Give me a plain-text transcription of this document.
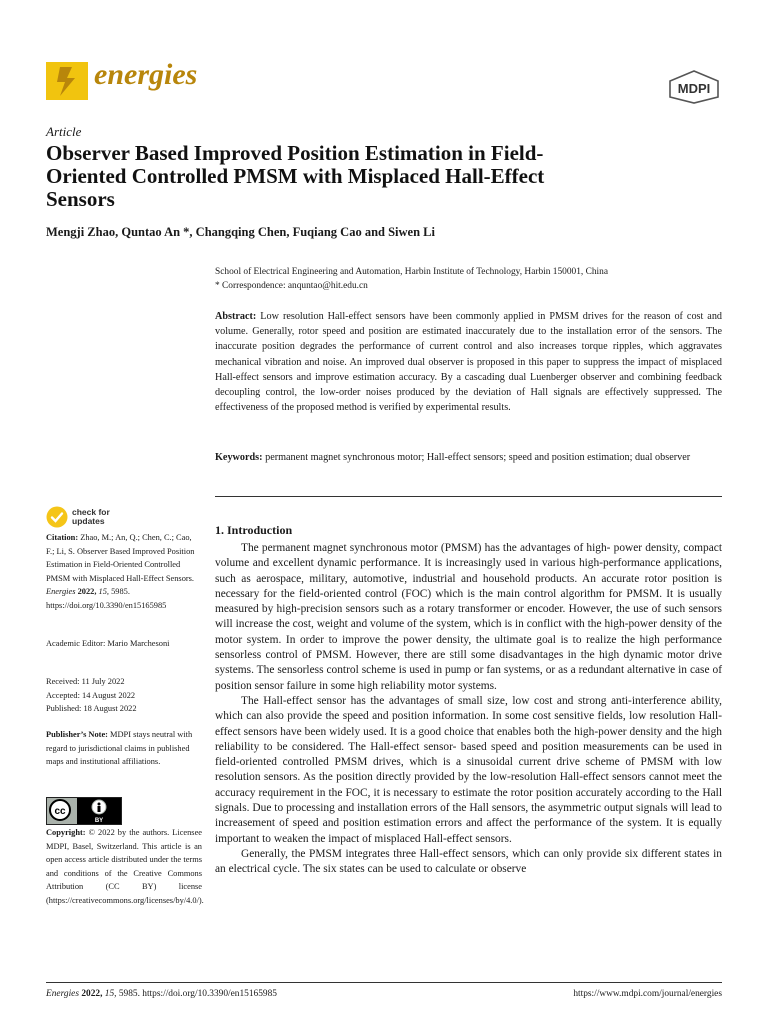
energies	MDPI
Article
Observer Based Improved Position Estimation in Field-Oriented Controlled PMSM with Misplaced Hall-Effect Sensors
Mengji Zhao, Quntao An *, Changqing Chen, Fuqiang Cao and Siwen Li
School of Electrical Engineering and Automation, Harbin Institute of Technology, Harbin 150001, China
* Correspondence: anquntao@hit.edu.cn
Abstract: Low resolution Hall-effect sensors have been commonly applied in PMSM drives for the reason of cost and volume. Generally, rotor speed and position are estimated inaccurately due to the installation error of the sensors. The inaccurate position degrades the performance of current control and also increases torque ripples, which aggravates mechanical vibration and noise. An improved dual observer is proposed in this paper to suppress the impact of misplaced Hall-effect sensors and improve estimation accuracy. By a cascading dual Luenberger observer and combining feedback decoupling control, the low-order noises produced by the deviation of Hall signals are effectively suppressed. The effectiveness of the proposed method is verified by experimental results.
Keywords: permanent magnet synchronous motor; Hall-effect sensors; speed and position estimation; dual observer
check for
updates
Citation: Zhao, M.; An, Q.; Chen, C.; Cao, F.; Li, S. Observer Based Improved Position Estimation in Field-Oriented Controlled PMSM with Misplaced Hall-Effect Sensors. Energies 2022, 15, 5985. https://doi.org/10.3390/en15165985
Academic Editor: Mario Marchesoni
Received: 11 July 2022
Accepted: 14 August 2022
Published: 18 August 2022
Publisher’s Note: MDPI stays neutral with regard to jurisdictional claims in published maps and institutional affiliations.
cc
BY
Copyright: © 2022 by the authors. Licensee MDPI, Basel, Switzerland. This article is an open access article distributed under the terms and conditions of the Creative Commons Attribution (CC BY) license (https://creativecommons.org/licenses/by/4.0/).
1. Introduction

The permanent magnet synchronous motor (PMSM) has the advantages of high- power density, compact volume and excellent dynamic performance. It is increasingly used in various high-performance applications, such as aerospace, military, automotive, industrial and household products. An accurate rotor position is necessary for the field-oriented control (FOC) which is the main control algorithm for PMSM. It is usually measured by high-precision sensors such as a rotary transformer or encoder. However, the use of such sensors will increase the cost, weight and volume of the system, which is in conflict with the high-power density of the motor system. In order to improve the power density, the ultimate goal is to realize the high performance sensorless control of PMSM. However, there are still some disadvantages in the high dynamic motor drive systems. The sensorless control scheme is used in pump or fan systems, or as a redundant alternative in case of position sensor failure in some high reliability motor systems.

The Hall-effect sensor has the advantages of small size, low cost and strong anti-interference ability, which can also provide the speed and position information. In some cost sensitive fields, low resolution Hall-effect sensors have been widely used. It is a good choice that enables both the high-power density and the high reliability to be considered. The Hall-effect sensor- based speed and position measurements can be used in field-oriented controlled PMSM drives, which is a sinusoidal current drive scheme of PMSM with low resolution sensors. As the position directly provided by the low-resolution Hall-effect sensors cannot meet the accuracy requirement in the FOC, it is necessary to estimate the rotor position accurately according to the Hall signals. Due to processing and installation errors of the Hall sensors, the asymmetric output signals will lead to increasement of speed and position estimation errors and affect the performance of the system. It is equally important to weaken the impact of misplaced Hall-effect sensors.

Generally, the PMSM integrates three Hall-effect sensors, which can only provide six different states in an electrical cycle. The six states can be used to calculate or observe

Energies 2022, 15, 5985. https://doi.org/10.3390/en15165985	https://www.mdpi.com/journal/energies
